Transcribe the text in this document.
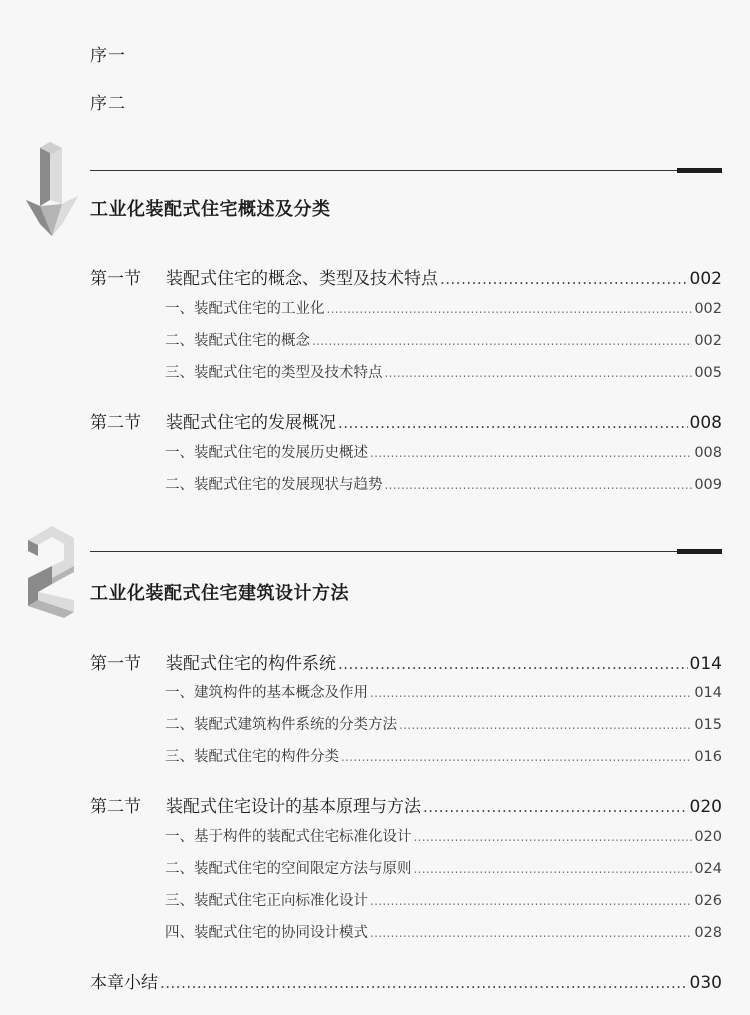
序一
序二
工业化装配式住宅概述及分类
第一节	装配式住宅的概念、类型及技术特点 .....	002
一、装配式住宅的工业化 .....	002
二、装配式住宅的概念 .....	002
三、装配式住宅的类型及技术特点 .....	005
第二节	装配式住宅的发展概况 .....	008
一、装配式住宅的发展历史概述 .....	008
二、装配式住宅的发展现状与趋势 .....	009
工业化装配式住宅建筑设计方法
第一节	装配式住宅的构件系统 .....	014
一、建筑构件的基本概念及作用 .....	014
二、装配式建筑构件系统的分类方法 .....	015
三、装配式住宅的构件分类 .....	016
第二节	装配式住宅设计的基本原理与方法 .....	020
一、基于构件的装配式住宅标准化设计 .....	020
二、装配式住宅的空间限定方法与原则 .....	024
三、装配式住宅正向标准化设计 .....	026
四、装配式住宅的协同设计模式 .....	028
本章小结 .....	030
